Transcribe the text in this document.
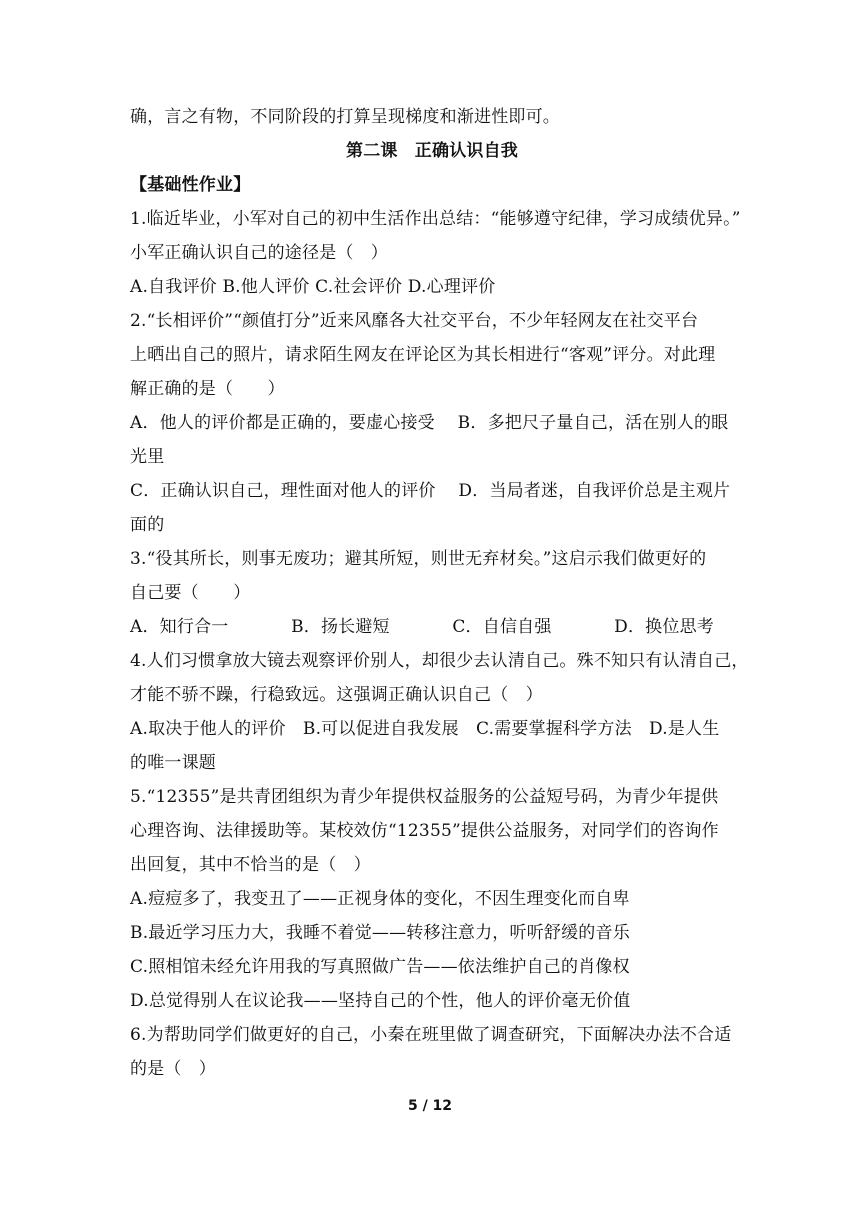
确，言之有物，不同阶段的打算呈现梯度和渐进性即可。
第二课　正确认识自我
【基础性作业】
1.临近毕业，小军对自己的初中生活作出总结：“能够遵守纪律，学习成绩优异。”
小军正确认识自己的途径是（　）
A.自我评价 B.他人评价 C.社会评价 D.心理评价
2.“长相评价”“颜值打分”近来风靡各大社交平台，不少年轻网友在社交平台
上晒出自己的照片，请求陌生网友在评论区为其长相进行“客观”评分。对此理
解正确的是（　　）
A．他人的评价都是正确的，要虚心接受　 B．多把尺子量自己，活在别人的眼
光里
C．正确认识自己，理性面对他人的评价　 D．当局者迷，自我评价总是主观片
面的
3.“役其所长，则事无废功；避其所短，则世无弃材矣。”这启示我们做更好的
自己要（　　）
A．知行合一	B．扬长避短	C．自信自强	D．换位思考
4.人们习惯拿放大镜去观察评价别人，却很少去认清自己。殊不知只有认清自己，
才能不骄不躁，行稳致远。这强调正确认识自己（　）
A.取决于他人的评价　B.可以促进自我发展　C.需要掌握科学方法　D.是人生
的唯一课题
5.“12355”是共青团组织为青少年提供权益服务的公益短号码，为青少年提供
心理咨询、法律援助等。某校效仿“12355”提供公益服务，对同学们的咨询作
出回复，其中不恰当的是（　）
A.痘痘多了，我变丑了——正视身体的变化，不因生理变化而自卑
B.最近学习压力大，我睡不着觉——转移注意力，听听舒缓的音乐
C.照相馆未经允许用我的写真照做广告——依法维护自己的肖像权
D.总觉得别人在议论我——坚持自己的个性，他人的评价毫无价值
6.为帮助同学们做更好的自己，小秦在班里做了调查研究，下面解决办法不合适
的是（　）
5 / 12
